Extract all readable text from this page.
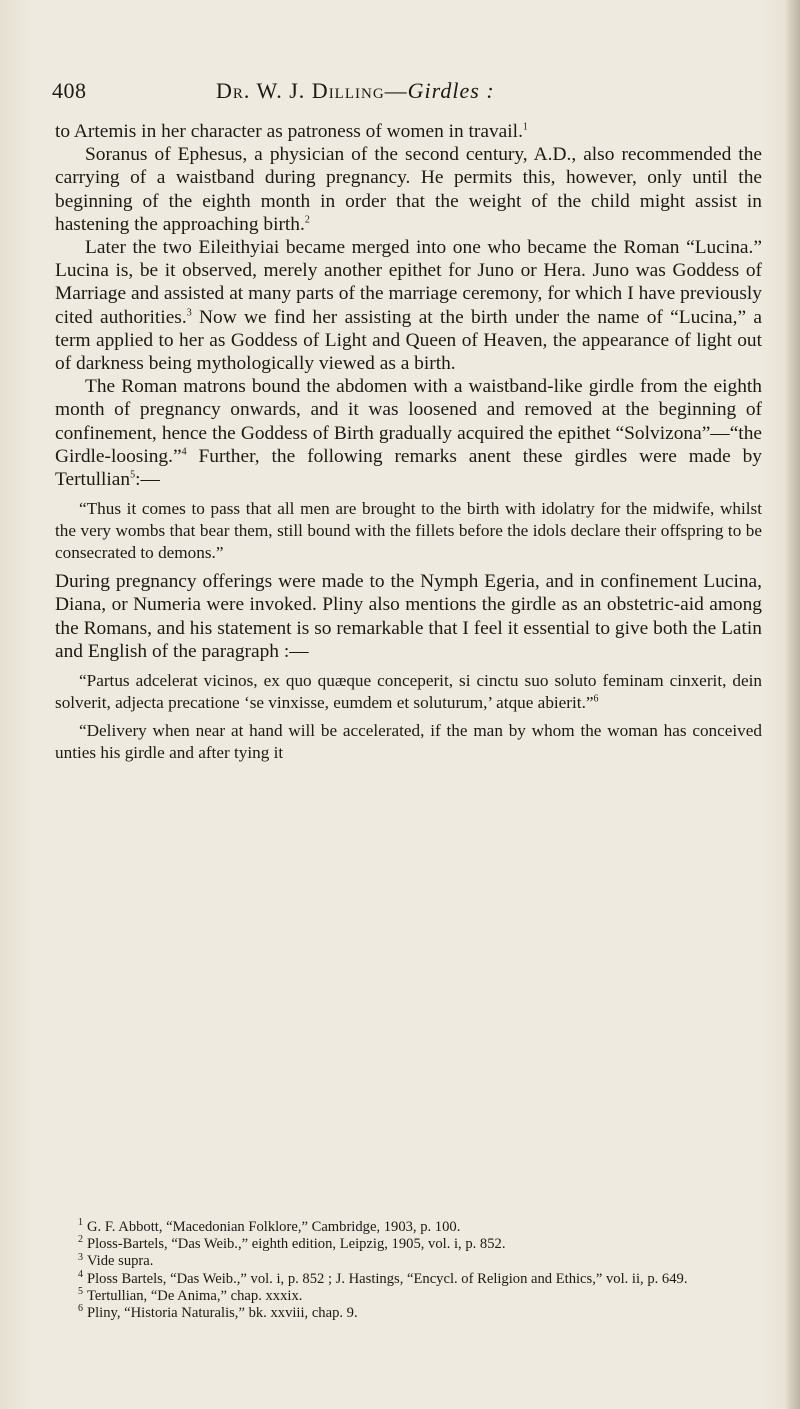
408	Dr. W. J. Dilling—Girdles :

to Artemis in her character as patroness of women in travail.$^1$

Soranus of Ephesus, a physician of the second century, A.D., also recommended the carrying of a waistband during pregnancy. He permits this, however, only until the beginning of the eighth month in order that the weight of the child might assist in hastening the approaching birth.$^2$

Later the two Eileithyiai became merged into one who became the Roman “Lucina.” Lucina is, be it observed, merely another epithet for Juno or Hera. Juno was Goddess of Marriage and assisted at many parts of the marriage ceremony, for which I have previously cited authorities.$^3$ Now we find her assisting at the birth under the name of “Lucina,” a term applied to her as Goddess of Light and Queen of Heaven, the appearance of light out of darkness being mythologically viewed as a birth.

The Roman matrons bound the abdomen with a waistband-like girdle from the eighth month of pregnancy onwards, and it was loosened and removed at the beginning of confinement, hence the Goddess of Birth gradually acquired the epithet “Solvizona”—“the Girdle-loosing.”$^4$ Further, the following remarks anent these girdles were made by Tertullian$^5$:—

“Thus it comes to pass that all men are brought to the birth with idolatry for the midwife, whilst the very wombs that bear them, still bound with the fillets before the idols declare their offspring to be consecrated to demons.”

During pregnancy offerings were made to the Nymph Egeria, and in confinement Lucina, Diana, or Numeria were invoked. Pliny also mentions the girdle as an obstetric-aid among the Romans, and his statement is so remarkable that I feel it essential to give both the Latin and English of the paragraph :—

“Partus adcelerat vicinos, ex quo quæque conceperit, si cinctu suo soluto feminam cinxerit, dein solverit, adjecta precatione ‘se vinxisse, eumdem et soluturum,’ atque abierit.”$^6$

“Delivery when near at hand will be accelerated, if the man by whom the woman has conceived unties his girdle and after tying it

$^1$ G. F. Abbott, “Macedonian Folklore,” Cambridge, 1903, p. 100.

$^2$ Ploss-Bartels, “Das Weib.,” eighth edition, Leipzig, 1905, vol. i, p. 852.

$^3$ Vide supra.

$^4$ Ploss Bartels, “Das Weib.,” vol. i, p. 852 ; J. Hastings, “Encycl. of Religion and Ethics,” vol. ii, p. 649.

$^5$ Tertullian, “De Anima,” chap. xxxix.

$^6$ Pliny, “Historia Naturalis,” bk. xxviii, chap. 9.
